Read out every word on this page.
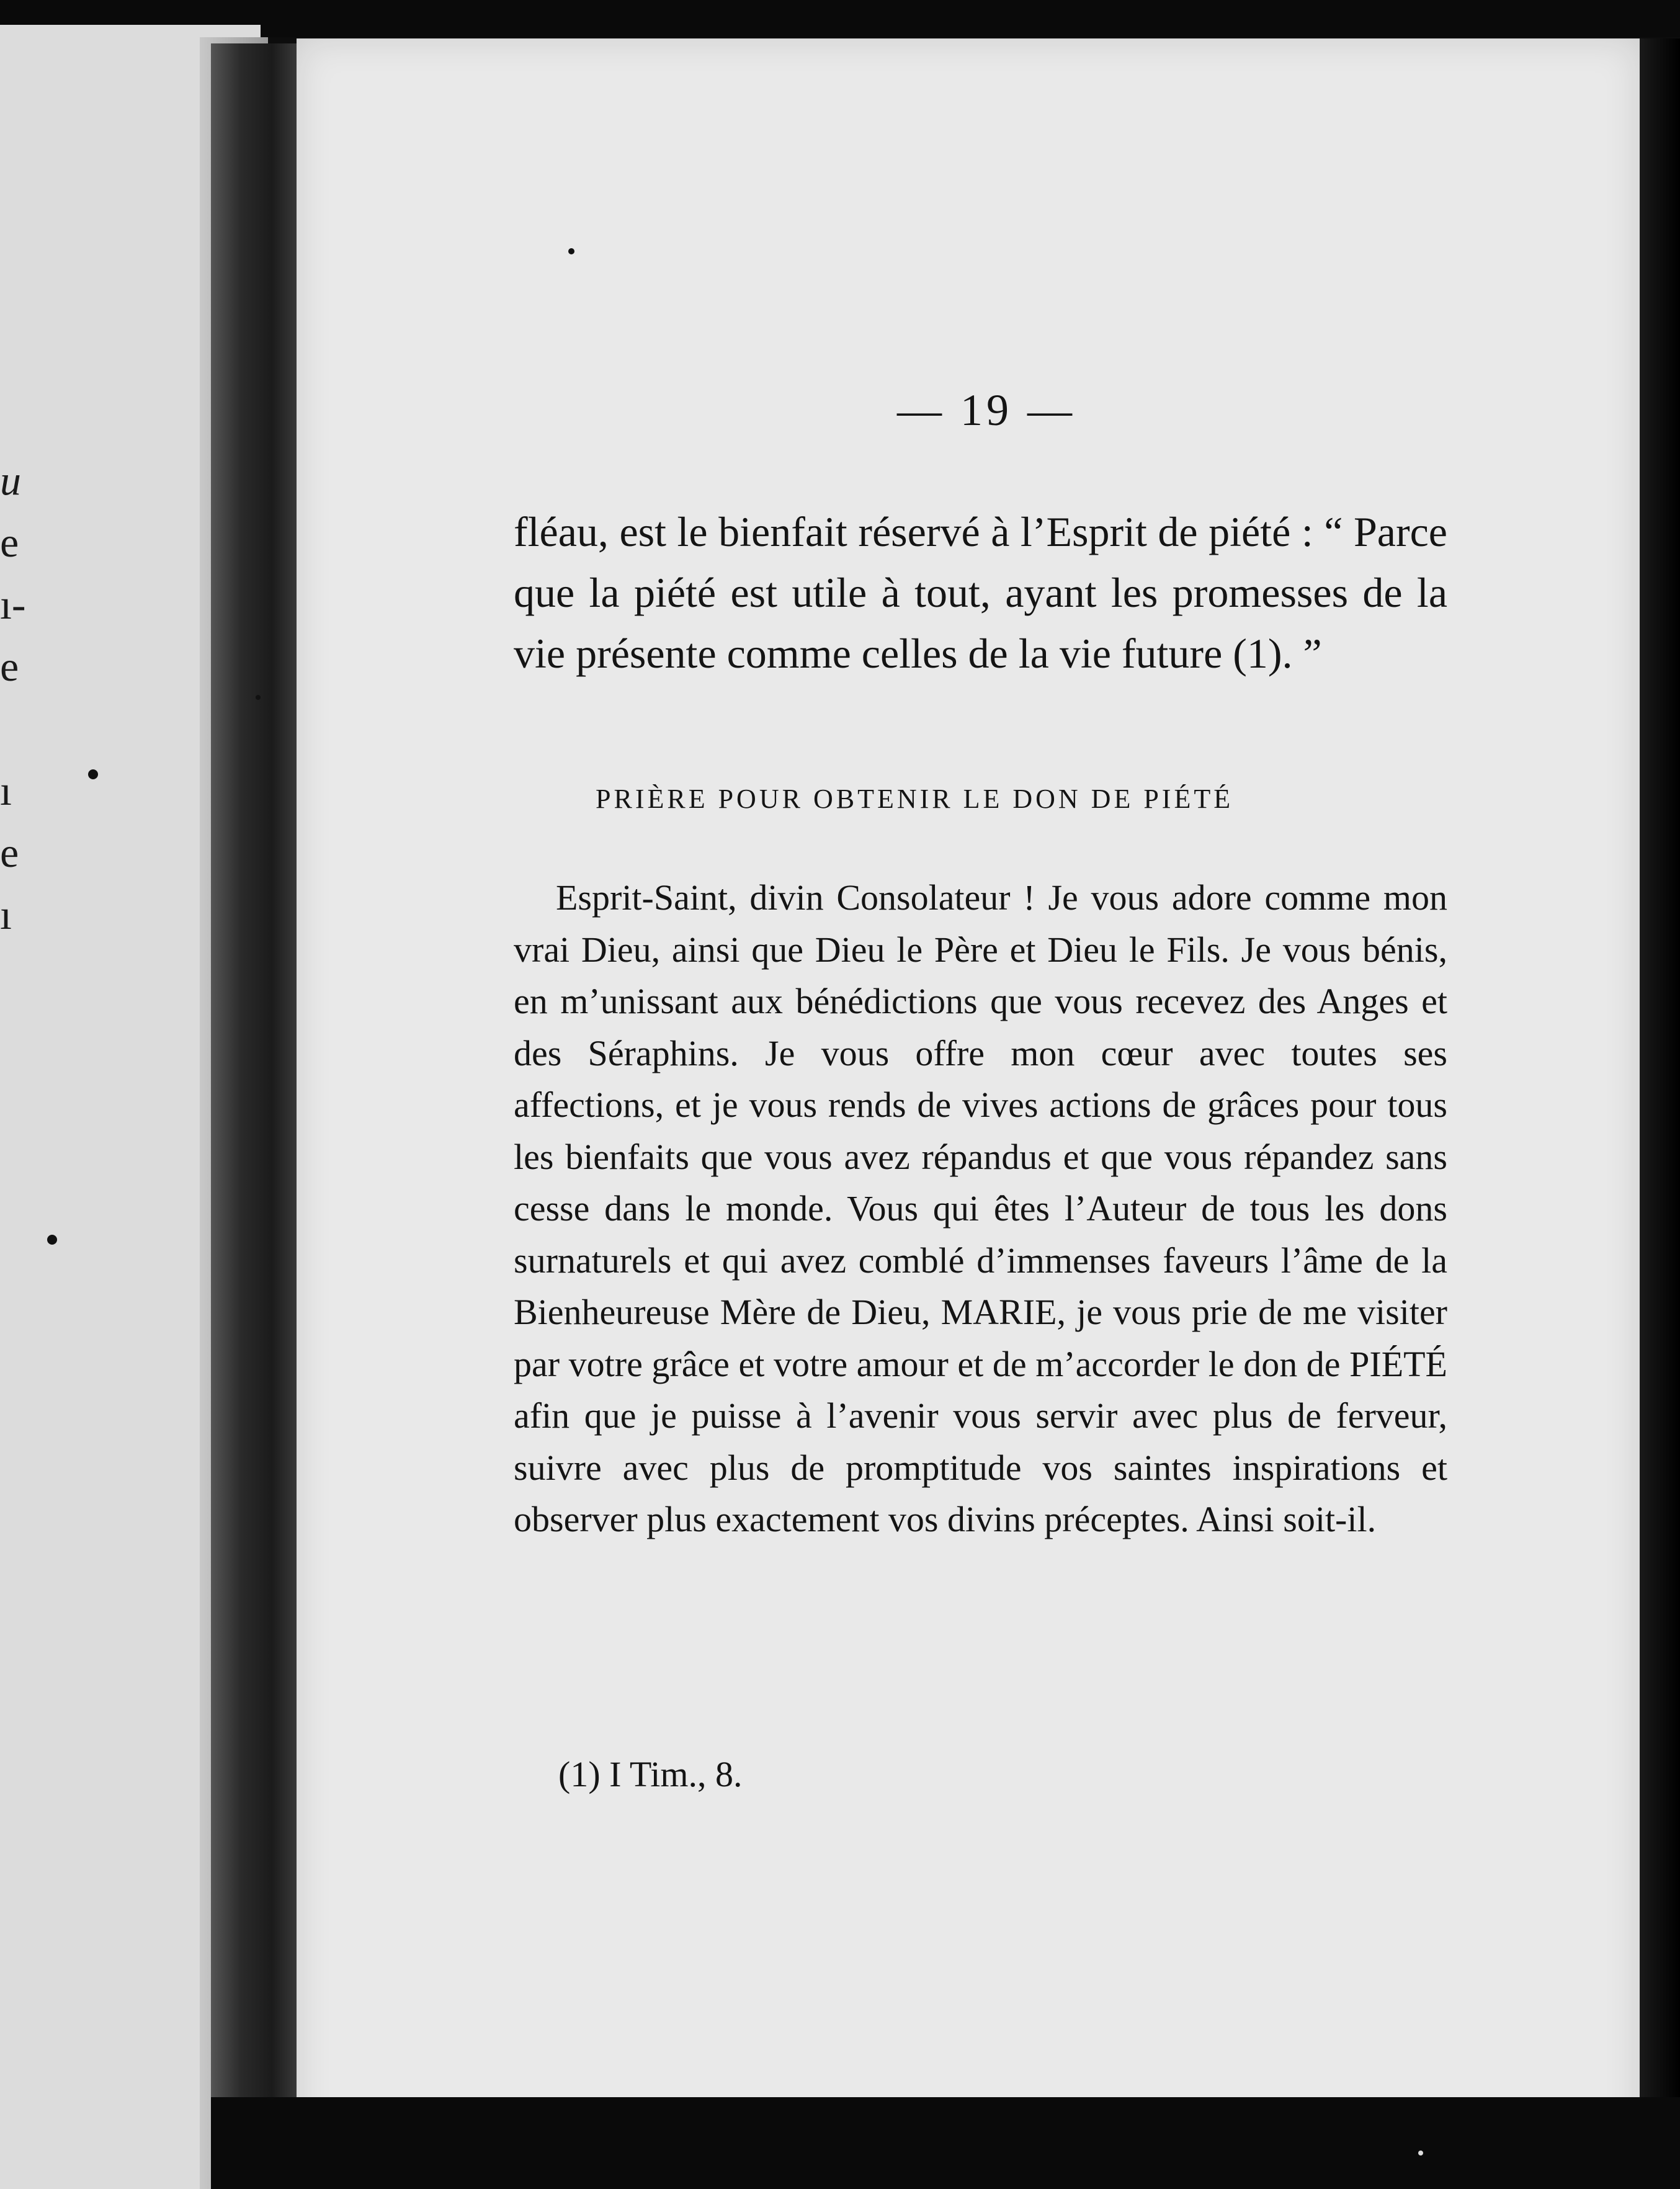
u
e
ı-
e
ı
e
ı
— 19 —

fléau, est le bienfait réservé à l’Esprit de piété : “ Parce que la piété est utile à tout, ayant les promesses de la vie présente comme celles de la vie future (1). ”

PRIÈRE POUR OBTENIR LE DON DE PIÉTÉ

Esprit-Saint, divin Consolateur ! Je vous adore comme mon vrai Dieu, ainsi que Dieu le Père et Dieu le Fils. Je vous bénis, en m’unissant aux bénédictions que vous recevez des Anges et des Séraphins. Je vous offre mon cœur avec toutes ses affections, et je vous rends de vives actions de grâces pour tous les bienfaits que vous avez répandus et que vous répandez sans cesse dans le monde. Vous qui êtes l’Auteur de tous les dons surnaturels et qui avez comblé d’immenses faveurs l’âme de la Bienheureuse Mère de Dieu, MARIE, je vous prie de me visiter par votre grâce et votre amour et de m’accorder le don de PIÉTÉ afin que je puisse à l’avenir vous servir avec plus de ferveur, suivre avec plus de promptitude vos saintes inspirations et observer plus exactement vos divins préceptes. Ainsi soit-il.

(1) I Tim., 8.
